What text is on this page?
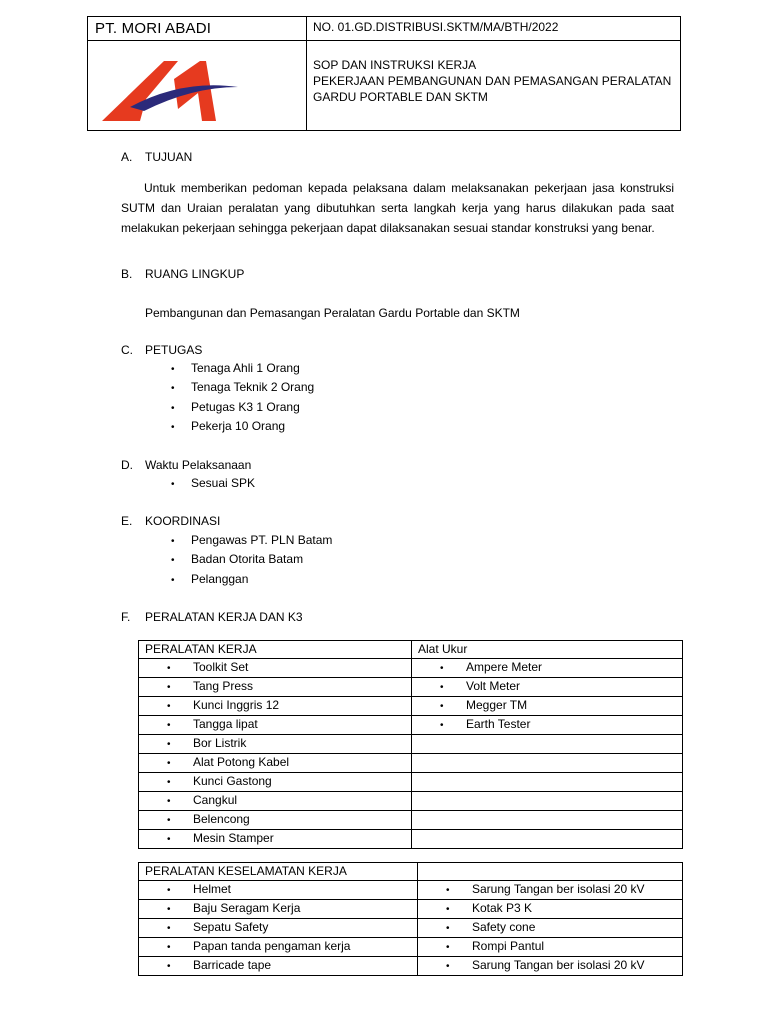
PT. MORI ABADI	NO. 01.GD.DISTRIBUSI.SKTM/MA/BTH/2022
SOP DAN INSTRUKSI KERJA
PEKERJAAN PEMBANGUNAN DAN PEMASANGAN PERALATAN
GARDU PORTABLE DAN SKTM
A. TUJUAN

Untuk memberikan pedoman kepada pelaksana dalam melaksanakan pekerjaan jasa konstruksi SUTM dan Uraian peralatan yang dibutuhkan serta langkah kerja yang harus dilakukan pada saat melakukan pekerjaan sehingga pekerjaan dapat dilaksanakan sesuai standar konstruksi yang benar.

B. RUANG LINGKUP
Pembangunan dan Pemasangan Peralatan Gardu Portable dan SKTM
C. PETUGAS
• Tenaga Ahli 1 Orang
• Tenaga Teknik 2 Orang
• Petugas K3 1 Orang
• Pekerja 10 Orang
D. Waktu Pelaksanaan
• Sesuai SPK
E. KOORDINASI
• Pengawas PT. PLN Batam
• Badan Otorita Batam
• Pelanggan
F. PERALATAN KERJA DAN K3
PERALATAN KERJA	Alat Ukur
• Toolkit Set	• Ampere Meter
• Tang Press	• Volt Meter
• Kunci Inggris 12	• Megger TM
• Tangga lipat	• Earth Tester
• Bor Listrik	
• Alat Potong Kabel	
• Kunci Gastong	
• Cangkul	
• Belencong	
• Mesin Stamper	
PERALATAN KESELAMATAN KERJA	
• Helmet	• Sarung Tangan ber isolasi 20 kV
• Baju Seragam Kerja	• Kotak P3 K
• Sepatu Safety	• Safety cone
• Papan tanda pengaman kerja	• Rompi Pantul
• Barricade tape	• Sarung Tangan ber isolasi 20 kV
